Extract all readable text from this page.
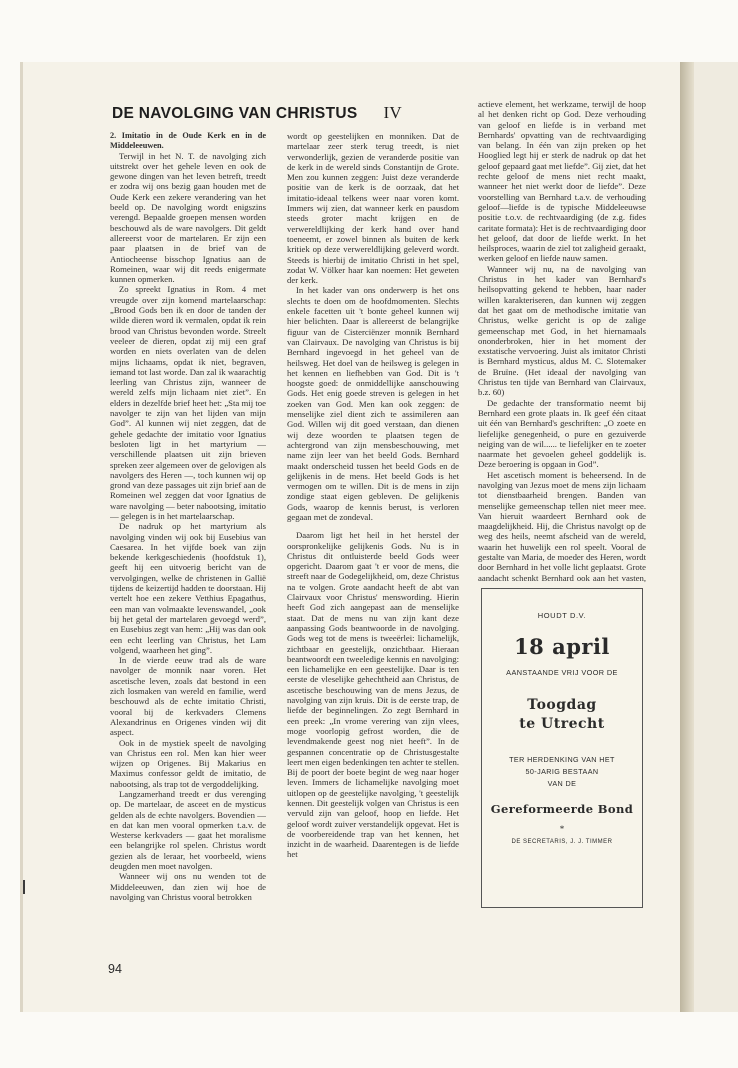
DE NAVOLGING VAN CHRISTUS IV

2. Imitatio in de Oude Kerk en in de Middeleeuwen.

Terwijl in het N. T. de navolging zich uitstrekt over het gehele leven en ook de gewone dingen van het leven betreft, treedt er zodra wij ons bezig gaan houden met de Oude Kerk een zekere verandering van het beeld op. De navolging wordt enigszins verengd. Bepaalde groepen mensen worden beschouwd als de ware navolgers. Dit geldt allereerst voor de martelaren. Er zijn een paar plaatsen in de brief van de Antiocheense bisschop Ignatius aan de Romeinen, waar wij dit reeds enigermate kunnen opmerken.

Zo spreekt Ignatius in Rom. 4 met vreugde over zijn komend martelaarschap: „Brood Gods ben ik en door de tanden der wilde dieren word ik vermalen, opdat ik rein brood van Christus bevonden worde. Streelt veeleer de dieren, opdat zij mij een graf worden en niets overlaten van de delen mijns lichaams, opdat ik niet, begraven, iemand tot last worde. Dan zal ik waarachtig leerling van Christus zijn, wanneer de wereld zelfs mijn lichaam niet ziet”. En elders in dezelfde brief heet het: „Sta mij toe navolger te zijn van het lijden van mijn God”. Al kunnen wij niet zeggen, dat de gehele gedachte der imitatio voor Ignatius besloten ligt in het martyrium — verschillende plaatsen uit zijn brieven spreken zeer algemeen over de gelovigen als navolgers des Heren —, toch kunnen wij op grond van deze passages uit zijn brief aan de Romeinen wel zeggen dat voor Ignatius de ware navolging — beter nabootsing, imitatio — gelegen is in het martelaarschap.

De nadruk op het martyrium als navolging vinden wij ook bij Eusebius van Caesarea. In het vijfde boek van zijn bekende kerkgeschiedenis (hoofdstuk 1), geeft hij een uitvoerig bericht van de vervolgingen, welke de christenen in Gallië tijdens de keizertijd hadden te doorstaan. Hij vertelt hoe een zekere Vetthius Epagathus, een man van volmaakte levenswandel, „ook bij het getal der martelaren gevoegd werd”, en Eusebius zegt van hem: „Hij was dan ook een echt leerling van Christus, het Lam volgend, waarheen het ging”.

In de vierde eeuw trad als de ware navolger de monnik naar voren. Het ascetische leven, zoals dat bestond in een zich losmaken van wereld en familie, werd beschouwd als de echte imitatio Christi, vooral bij de kerkvaders Clemens Alexandrinus en Origenes vinden wij dit aspect.

Ook in de mystiek speelt de navolging van Christus een rol. Men kan hier weer wijzen op Origenes. Bij Makarius en Maximus confessor geldt de imitatio, de nabootsing, als trap tot de vergoddelijking.

Langzamerhand treedt er dus verenging op. De martelaar, de asceet en de mysticus gelden als de echte navolgers. Bovendien — en dat kan men vooral opmerken t.a.v. de Westerse kerkvaders — gaat het moralisme een belangrijke rol spelen. Christus wordt gezien als de leraar, het voorbeeld, wiens deugden men moet navolgen.

Wanneer wij ons nu wenden tot de Middeleeuwen, dan zien wij hoe de navolging van Christus vooral betrokken

wordt op geestelijken en monniken. Dat de martelaar zeer sterk terug treedt, is niet verwonderlijk, gezien de veranderde positie van de kerk in de wereld sinds Constantijn de Grote. Men zou kunnen zeggen: Juist deze veranderde positie van de kerk is de oorzaak, dat het imitatio-ideaal telkens weer naar voren komt. Immers wij zien, dat wanneer kerk en pausdom steeds groter macht krijgen en de verwereldlijking der kerk hand over hand toeneemt, er zowel binnen als buiten de kerk kritiek op deze verwereldlijking geleverd wordt. Steeds is hierbij de imitatio Christi in het spel, zodat W. Völker haar kan noemen: Het geweten der kerk.

In het kader van ons onderwerp is het ons slechts te doen om de hoofdmomenten. Slechts enkele facetten uit 't bonte geheel kunnen wij hier belichten. Daar is allereerst de belangrijke figuur van de Cisterciënzer monnik Bernhard van Clairvaux. De navolging van Christus is bij Bernhard ingevoegd in het geheel van de heilsweg. Het doel van de heilsweg is gelegen in het kennen en liefhebben van God. Dit is 't hoogste goed: de onmiddellijke aanschouwing Gods. Het enig goede streven is gelegen in het zoeken van God. Men kan ook zeggen: de menselijke ziel dient zich te assimileren aan God. Willen wij dit goed verstaan, dan dienen wij deze woorden te plaatsen tegen de achtergrond van zijn mensbeschouwing, met name zijn leer van het beeld Gods. Bernhard maakt onderscheid tussen het beeld Gods en de gelijkenis in de mens. Het beeld Gods is het vermogen om te willen. Dit is de mens in zijn zondige staat eigen gebleven. De gelijkenis Gods, waarop de kennis berust, is verloren gegaan met de zondeval.

Daarom ligt het heil in het herstel der oorspronkelijke gelijkenis Gods. Nu is in Christus dit ontluisterde beeld Gods weer opgericht. Daarom gaat 't er voor de mens, die streeft naar de Godegelijkheid, om, deze Christus na te volgen. Grote aandacht heeft de abt van Clairvaux voor Christus' menswording. Hierin heeft God zich aangepast aan de menselijke staat. Dat de mens nu van zijn kant deze aanpassing Gods beantwoorde in de navolging. Gods weg tot de mens is tweeërlei: lichamelijk, zichtbaar en geestelijk, onzichtbaar. Hieraan beantwoordt een tweeledige kennis en navolging: een lichamelijke en een geestelijke. Daar is ten eerste de vleselijke gehechtheid aan Christus, de ascetische beschouwing van de mens Jezus, de navolging van zijn kruis. Dit is de eerste trap, de liefde der beginnelingen. Zo zegt Bernhard in een preek: „In vrome verering van zijn vlees, moge voorlopig gefrost worden, die de levendmakende geest nog niet heeft”. In de gespannen concentratie op de Christusgestalte leert men eigen bedenkingen ten achter te stellen. Bij de poort der boete begint de weg naar hoger leven. Immers de lichamelijke navolging moet uitlopen op de geestelijke navolging, 't geestelijk kennen. Dit geestelijk volgen van Christus is een vervuld zijn van geloof, hoop en liefde. Het geloof wordt zuiver verstandelijk opgevat. Het is de voorbereidende trap van het kennen, het inzicht in de waarheid. Daarentegen is de liefde het

actieve element, het werkzame, terwijl de hoop al het denken richt op God. Deze verhouding van geloof en liefde is in verband met Bernhards' opvatting van de rechtvaardiging van belang. In één van zijn preken op het Hooglied legt hij er sterk de nadruk op dat het geloof gepaard gaat met liefde”. Gij ziet, dat het rechte geloof de mens niet recht maakt, wanneer het niet werkt door de liefde”. Deze voorstelling van Bernhard t.a.v. de verhouding geloof—liefde is de typische Middeleeuwse positie t.o.v. de rechtvaardiging (de z.g. fides caritate formata): Het is de rechtvaardiging door het geloof, dat door de liefde werkt. In het heilsproces, waarin de ziel tot zaligheid geraakt, werken geloof en liefde nauw samen.

Wanneer wij nu, na de navolging van Christus in het kader van Bernhard's heilsopvatting gekend te hebben, haar nader willen karakteriseren, dan kunnen wij zeggen dat het gaat om de methodische imitatie van Christus, welke gericht is op de zalige gemeenschap met God, in het hiernamaals ononderbroken, hier in het moment der exstatische vervoering. Juist als imitator Christi is Bernhard mysticus, aldus M. C. Slotemaker de Bruïne. (Het ideaal der navolging van Christus ten tijde van Bernhard van Clairvaux, b.z. 60)

De gedachte der transformatio neemt bij Bernhard een grote plaats in. Ik geef één citaat uit één van Bernhard's geschriften: „O zoete en liefelijke genegenheid, o pure en gezuiverde neiging van de wil...... te liefelijker en te zoeter naarmate het gevoelen geheel goddelijk is. Deze beroering is opgaan in God”.

Het ascetisch moment is beheersend. In de navolging van Jezus moet de mens zijn lichaam tot dienstbaarheid brengen. Banden van menselijke gemeenschap tellen niet meer mee. Van hieruit waardeert Bernhard ook de maagdelijkheid. Hij, die Christus navolgt op de weg des heils, neemt afscheid van de wereld, waarin het huwelijk een rol speelt. Vooral de gestalte van Maria, de moeder des Heren, wordt door Bernhard in het volle licht geplaatst. Grote aandacht schenkt Bernhard ook aan het vasten,

HOUDT D.V.
18 april
AANSTAANDE VRIJ VOOR DE
Toogdag
te Utrecht
TER HERDENKING VAN HET
50-JARIG BESTAAN
VAN DE
Gereformeerde Bond
*
DE SECRETARIS, J. J. TIMMER
94
